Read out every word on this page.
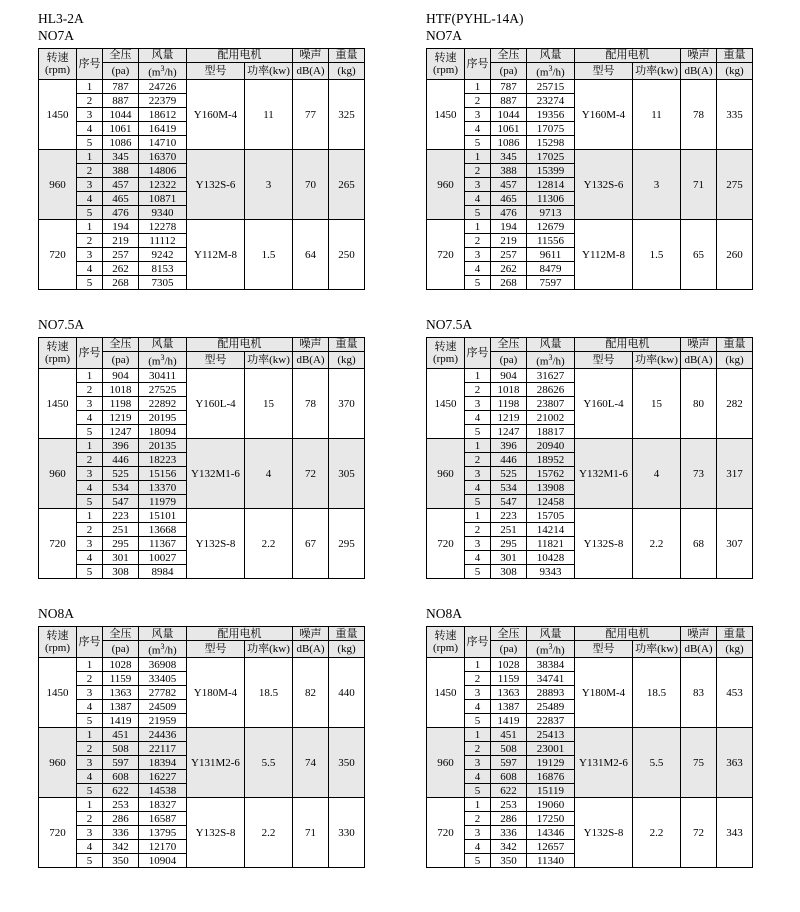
HL3-2A
NO7A
转速
(rpm)	序号	全压	风量	配用电机		噪声	重量
		(pa)	$(m^3/h)$	型号	功率(kw)	dB(A)	(kg)
1450	1	787	24726	Y160M-4	11	77	325
	2	887	22379				
	3	1044	18612				
	4	1061	16419				
	5	1086	14710				
960	1	345	16370	Y132S-6	3	70	265
	2	388	14806				
	3	457	12322				
	4	465	10871				
	5	476	9340				
720	1	194	12278	Y112M-8	1.5	64	250
	2	219	11112				
	3	257	9242				
	4	262	8153				
	5	268	7305				
NO7.5A
转速
(rpm)	序号	全压	风量	配用电机		噪声	重量
		(pa)	$(m^3/h)$	型号	功率(kw)	dB(A)	(kg)
1450	1	904	30411	Y160L-4	15	78	370
	2	1018	27525				
	3	1198	22892				
	4	1219	20195				
	5	1247	18094				
960	1	396	20135	Y132M1-6	4	72	305
	2	446	18223				
	3	525	15156				
	4	534	13370				
	5	547	11979				
720	1	223	15101	Y132S-8	2.2	67	295
	2	251	13668				
	3	295	11367				
	4	301	10027				
	5	308	8984				
NO8A
转速
(rpm)	序号	全压	风量	配用电机		噪声	重量
		(pa)	$(m^3/h)$	型号	功率(kw)	dB(A)	(kg)
1450	1	1028	36908	Y180M-4	18.5	82	440
	2	1159	33405				
	3	1363	27782				
	4	1387	24509				
	5	1419	21959				
960	1	451	24436	Y131M2-6	5.5	74	350
	2	508	22117				
	3	597	18394				
	4	608	16227				
	5	622	14538				
720	1	253	18327	Y132S-8	2.2	71	330
	2	286	16587				
	3	336	13795				
	4	342	12170				
	5	350	10904				
HTF(PYHL-14A)
NO7A
转速
(rpm)	序号	全压	风量	配用电机		噪声	重量
		(pa)	$(m^3/h)$	型号	功率(kw)	dB(A)	(kg)
1450	1	787	25715	Y160M-4	11	78	335
	2	887	23274				
	3	1044	19356				
	4	1061	17075				
	5	1086	15298				
960	1	345	17025	Y132S-6	3	71	275
	2	388	15399				
	3	457	12814				
	4	465	11306				
	5	476	9713				
720	1	194	12679	Y112M-8	1.5	65	260
	2	219	11556				
	3	257	9611				
	4	262	8479				
	5	268	7597				
NO7.5A
转速
(rpm)	序号	全压	风量	配用电机		噪声	重量
		(pa)	$(m^3/h)$	型号	功率(kw)	dB(A)	(kg)
1450	1	904	31627	Y160L-4	15	80	282
	2	1018	28626				
	3	1198	23807				
	4	1219	21002				
	5	1247	18817				
960	1	396	20940	Y132M1-6	4	73	317
	2	446	18952				
	3	525	15762				
	4	534	13908				
	5	547	12458				
720	1	223	15705	Y132S-8	2.2	68	307
	2	251	14214				
	3	295	11821				
	4	301	10428				
	5	308	9343				
NO8A
转速
(rpm)	序号	全压	风量	配用电机		噪声	重量
		(pa)	$(m^3/h)$	型号	功率(kw)	dB(A)	(kg)
1450	1	1028	38384	Y180M-4	18.5	83	453
	2	1159	34741				
	3	1363	28893				
	4	1387	25489				
	5	1419	22837				
960	1	451	25413	Y131M2-6	5.5	75	363
	2	508	23001				
	3	597	19129				
	4	608	16876				
	5	622	15119				
720	1	253	19060	Y132S-8	2.2	72	343
	2	286	17250				
	3	336	14346				
	4	342	12657				
	5	350	11340				
